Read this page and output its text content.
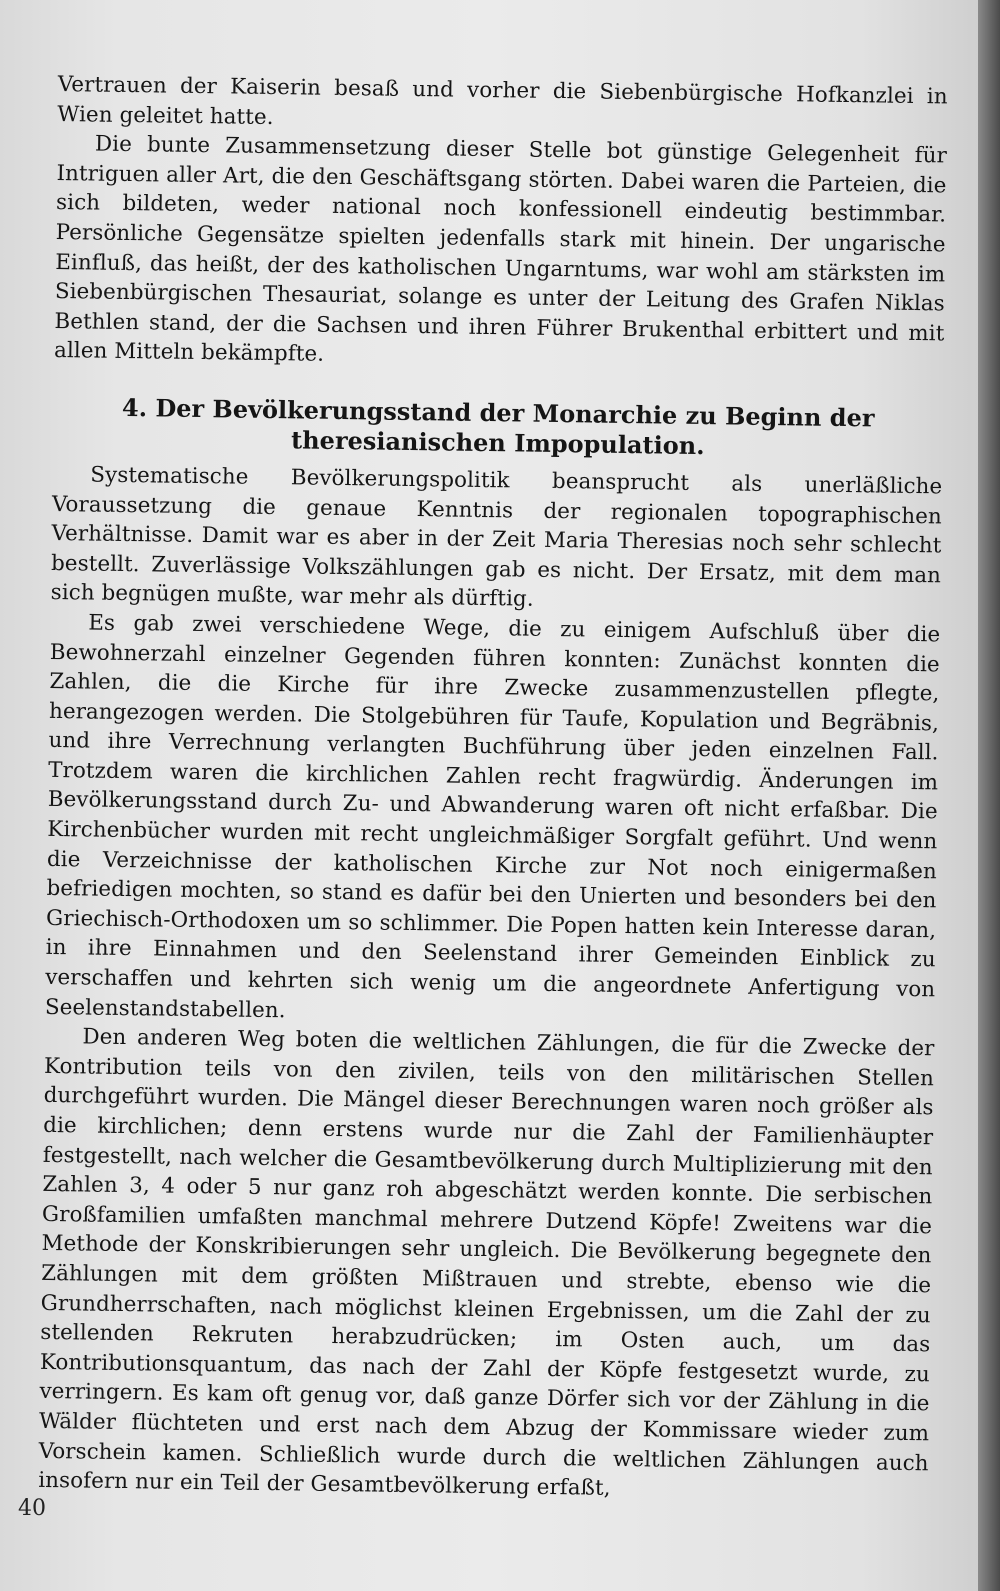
Vertrauen der Kaiserin besaß und vorher die Siebenbürgische Hofkanzlei in Wien geleitet hatte.

Die bunte Zusammensetzung dieser Stelle bot günstige Gelegenheit für Intriguen aller Art, die den Geschäftsgang störten. Dabei waren die Parteien, die sich bildeten, weder national noch konfessionell eindeutig bestimmbar. Persönliche Gegensätze spielten jedenfalls stark mit hinein. Der ungarische Einfluß, das heißt, der des katholischen Ungarntums, war wohl am stärksten im Siebenbürgischen Thesauriat, solange es unter der Leitung des Grafen Niklas Bethlen stand, der die Sachsen und ihren Führer Brukenthal erbittert und mit allen Mitteln bekämpfte.

4. Der Bevölkerungsstand der Monarchie zu Beginn der theresianischen Impopulation.

Systematische Bevölkerungspolitik beansprucht als unerläßliche Voraussetzung die genaue Kenntnis der regionalen topographischen Verhältnisse. Damit war es aber in der Zeit Maria Theresias noch sehr schlecht bestellt. Zuverlässige Volkszählungen gab es nicht. Der Ersatz, mit dem man sich begnügen mußte, war mehr als dürftig.

Es gab zwei verschiedene Wege, die zu einigem Aufschluß über die Bewohnerzahl einzelner Gegenden führen konnten: Zunächst konnten die Zahlen, die die Kirche für ihre Zwecke zusammenzustellen pflegte, herangezogen werden. Die Stolgebühren für Taufe, Kopulation und Begräbnis, und ihre Verrechnung verlangten Buchführung über jeden einzelnen Fall. Trotzdem waren die kirchlichen Zahlen recht fragwürdig. Änderungen im Bevölkerungsstand durch Zu- und Abwanderung waren oft nicht erfaßbar. Die Kirchenbücher wurden mit recht ungleichmäßiger Sorgfalt geführt. Und wenn die Verzeichnisse der katholischen Kirche zur Not noch einigermaßen befriedigen mochten, so stand es dafür bei den Unierten und besonders bei den Griechisch-Orthodoxen um so schlimmer. Die Popen hatten kein Interesse daran, in ihre Einnahmen und den Seelenstand ihrer Gemeinden Einblick zu verschaffen und kehrten sich wenig um die angeordnete Anfertigung von Seelenstandstabellen.

Den anderen Weg boten die weltlichen Zählungen, die für die Zwecke der Kontribution teils von den zivilen, teils von den militärischen Stellen durchgeführt wurden. Die Mängel dieser Berechnungen waren noch größer als die kirchlichen; denn erstens wurde nur die Zahl der Familienhäupter festgestellt, nach welcher die Gesamtbevölkerung durch Multiplizierung mit den Zahlen 3, 4 oder 5 nur ganz roh abgeschätzt werden konnte. Die serbischen Großfamilien umfaßten manchmal mehrere Dutzend Köpfe! Zweitens war die Methode der Konskribierungen sehr ungleich. Die Bevölkerung begegnete den Zählungen mit dem größten Mißtrauen und strebte, ebenso wie die Grundherrschaften, nach möglichst kleinen Ergebnissen, um die Zahl der zu stellenden Rekruten herabzudrücken; im Osten auch, um das Kontributionsquantum, das nach der Zahl der Köpfe festgesetzt wurde, zu verringern. Es kam oft genug vor, daß ganze Dörfer sich vor der Zählung in die Wälder flüchteten und erst nach dem Abzug der Kommissare wieder zum Vorschein kamen. Schließlich wurde durch die weltlichen Zählungen auch insofern nur ein Teil der Gesamtbevölkerung erfaßt,

40
